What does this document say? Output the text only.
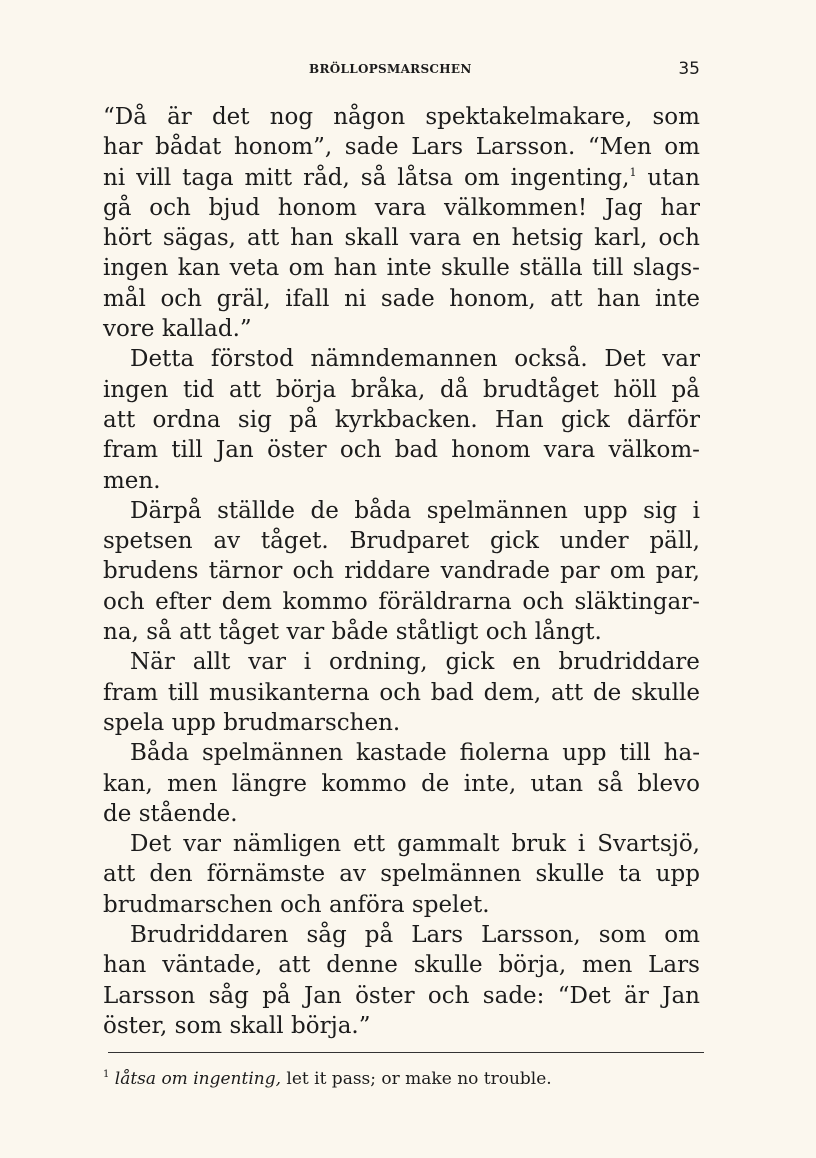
BRÖLLOPSMARSCHEN	35
“Då är det nog någon spektakelmakare, som
har bådat honom”, sade Lars Larsson. “Men om
ni vill taga mitt råd, så låtsa om ingenting,$^1$ utan
gå och bjud honom vara välkommen! Jag har
hört sägas, att han skall vara en hetsig karl, och
ingen kan veta om han inte skulle ställa till slags-
mål och gräl, ifall ni sade honom, att han inte
vore kallad.”
Detta förstod nämndemannen också. Det var
ingen tid att börja bråka, då brudtåget höll på
att ordna sig på kyrkbacken. Han gick därför
fram till Jan öster och bad honom vara välkom-
men.
Därpå ställde de båda spelmännen upp sig i
spetsen av tåget. Brudparet gick under päll,
brudens tärnor och riddare vandrade par om par,
och efter dem kommo föräldrarna och släktingar-
na, så att tåget var både ståtligt och långt.
När allt var i ordning, gick en brudriddare
fram till musikanterna och bad dem, att de skulle
spela upp brudmarschen.
Båda spelmännen kastade fiolerna upp till ha-
kan, men längre kommo de inte, utan så blevo
de stående.
Det var nämligen ett gammalt bruk i Svartsjö,
att den förnämste av spelmännen skulle ta upp
brudmarschen och anföra spelet.
Brudriddaren såg på Lars Larsson, som om
han väntade, att denne skulle börja, men Lars
Larsson såg på Jan öster och sade: “Det är Jan
öster, som skall börja.”
$^1$ låtsa om ingenting, let it pass; or make no trouble.
